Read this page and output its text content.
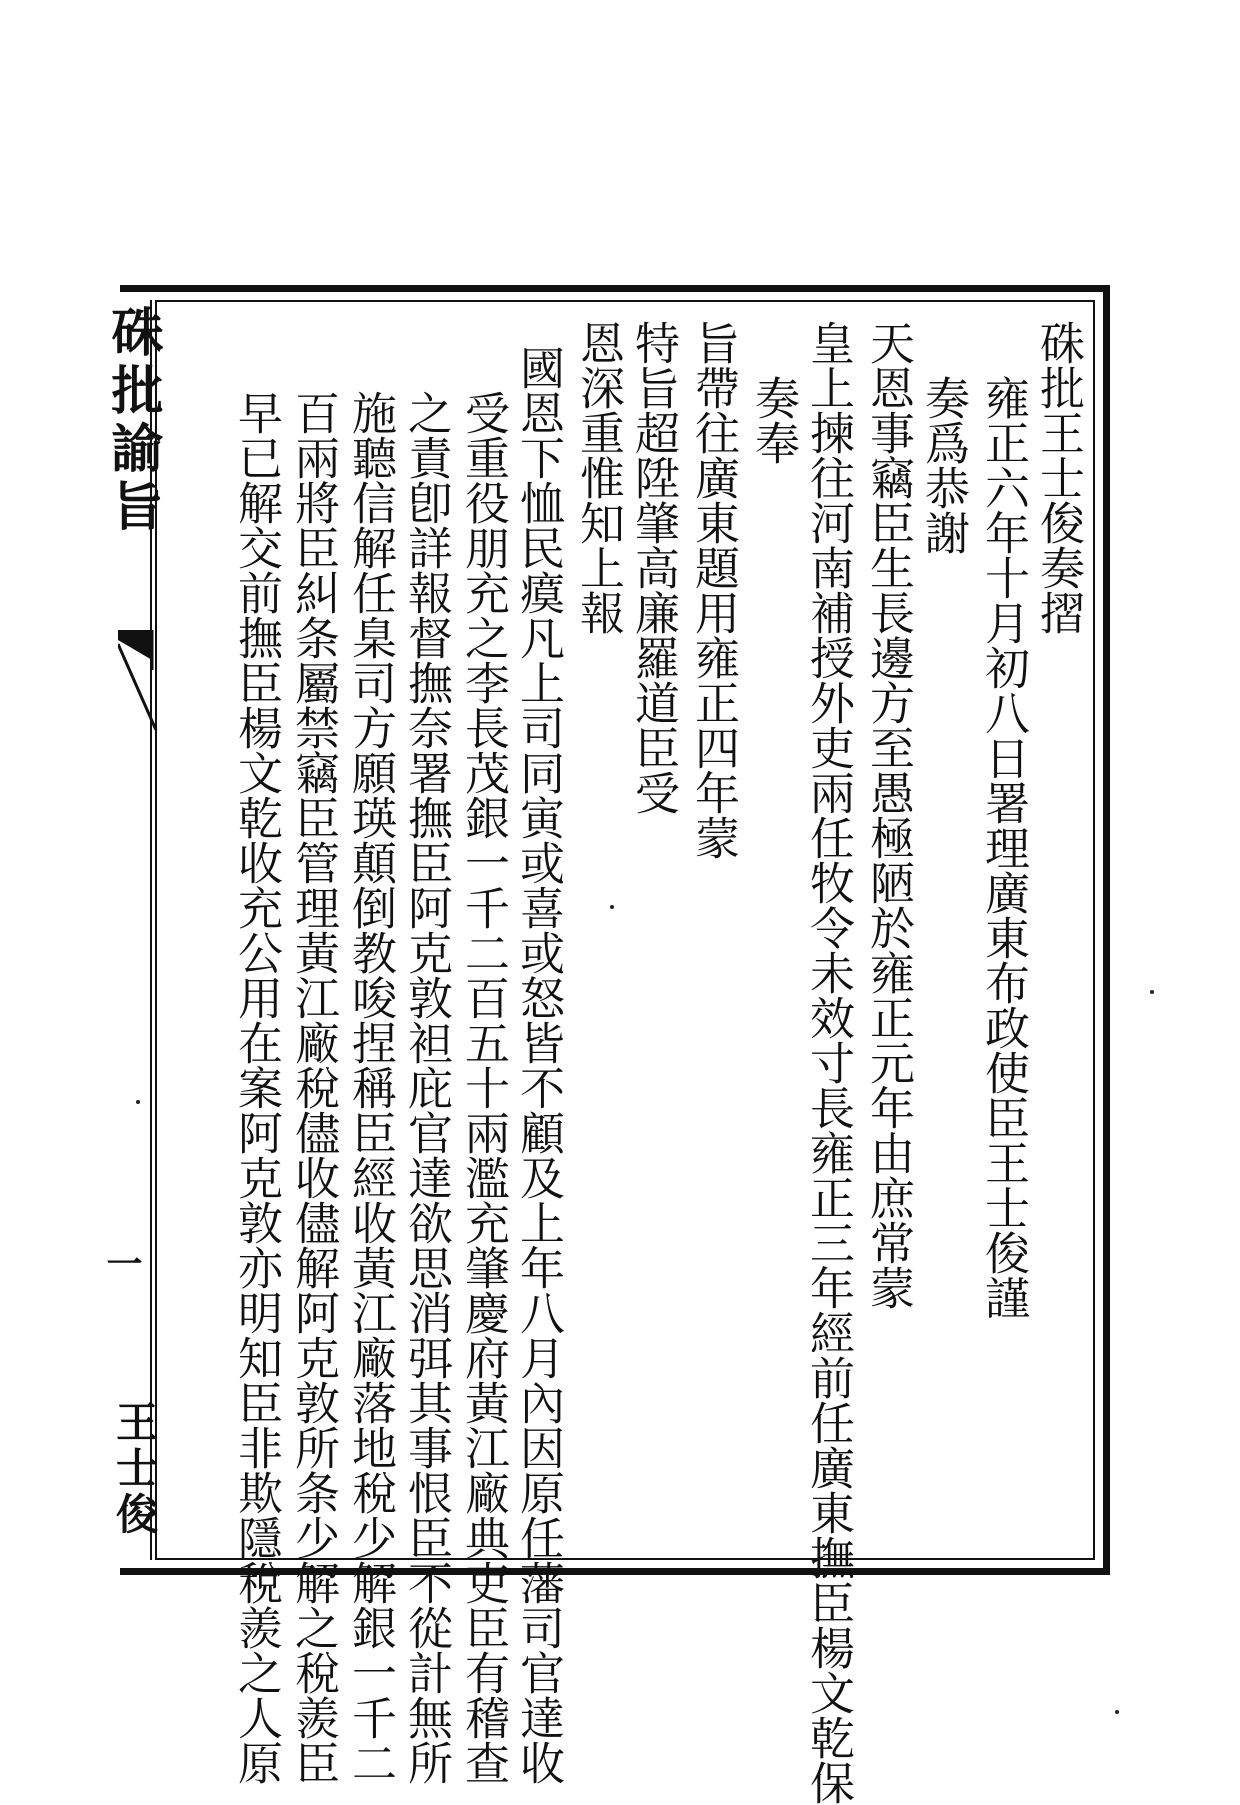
硃批諭旨
一
王士俊
硃批王士俊奏摺
雍正六年十月初八日署理廣東布政使臣王士俊謹
奏爲恭謝
天恩事竊臣生長邊方至愚極陋於雍正元年由庶常蒙
皇上揀往河南補授外吏兩任牧令未效寸長雍正三年經前任廣東撫臣楊文乾保
奏奉
旨帶往廣東題用雍正四年蒙
特旨超陞肇高廉羅道臣受
恩深重惟知上報
國恩下恤民瘼凡上司同寅或喜或怒皆不顧及上年八月內因原任藩司官達收
受重役朋充之李長茂銀一千二百五十兩濫充肇慶府黃江廠典吏臣有稽查
之責卽詳報督撫奈署撫臣阿克敦袒庇官達欲思消弭其事恨臣不從計無所
施聽信解任臬司方願瑛顛倒教唆捏稱臣經收黃江廠落地稅少解銀一千二
百兩將臣糾条屬禁竊臣管理黃江廠稅儘收儘解阿克敦所条少解之稅羨臣
早已解交前撫臣楊文乾收充公用在案阿克敦亦明知臣非欺隱稅羨之人原
